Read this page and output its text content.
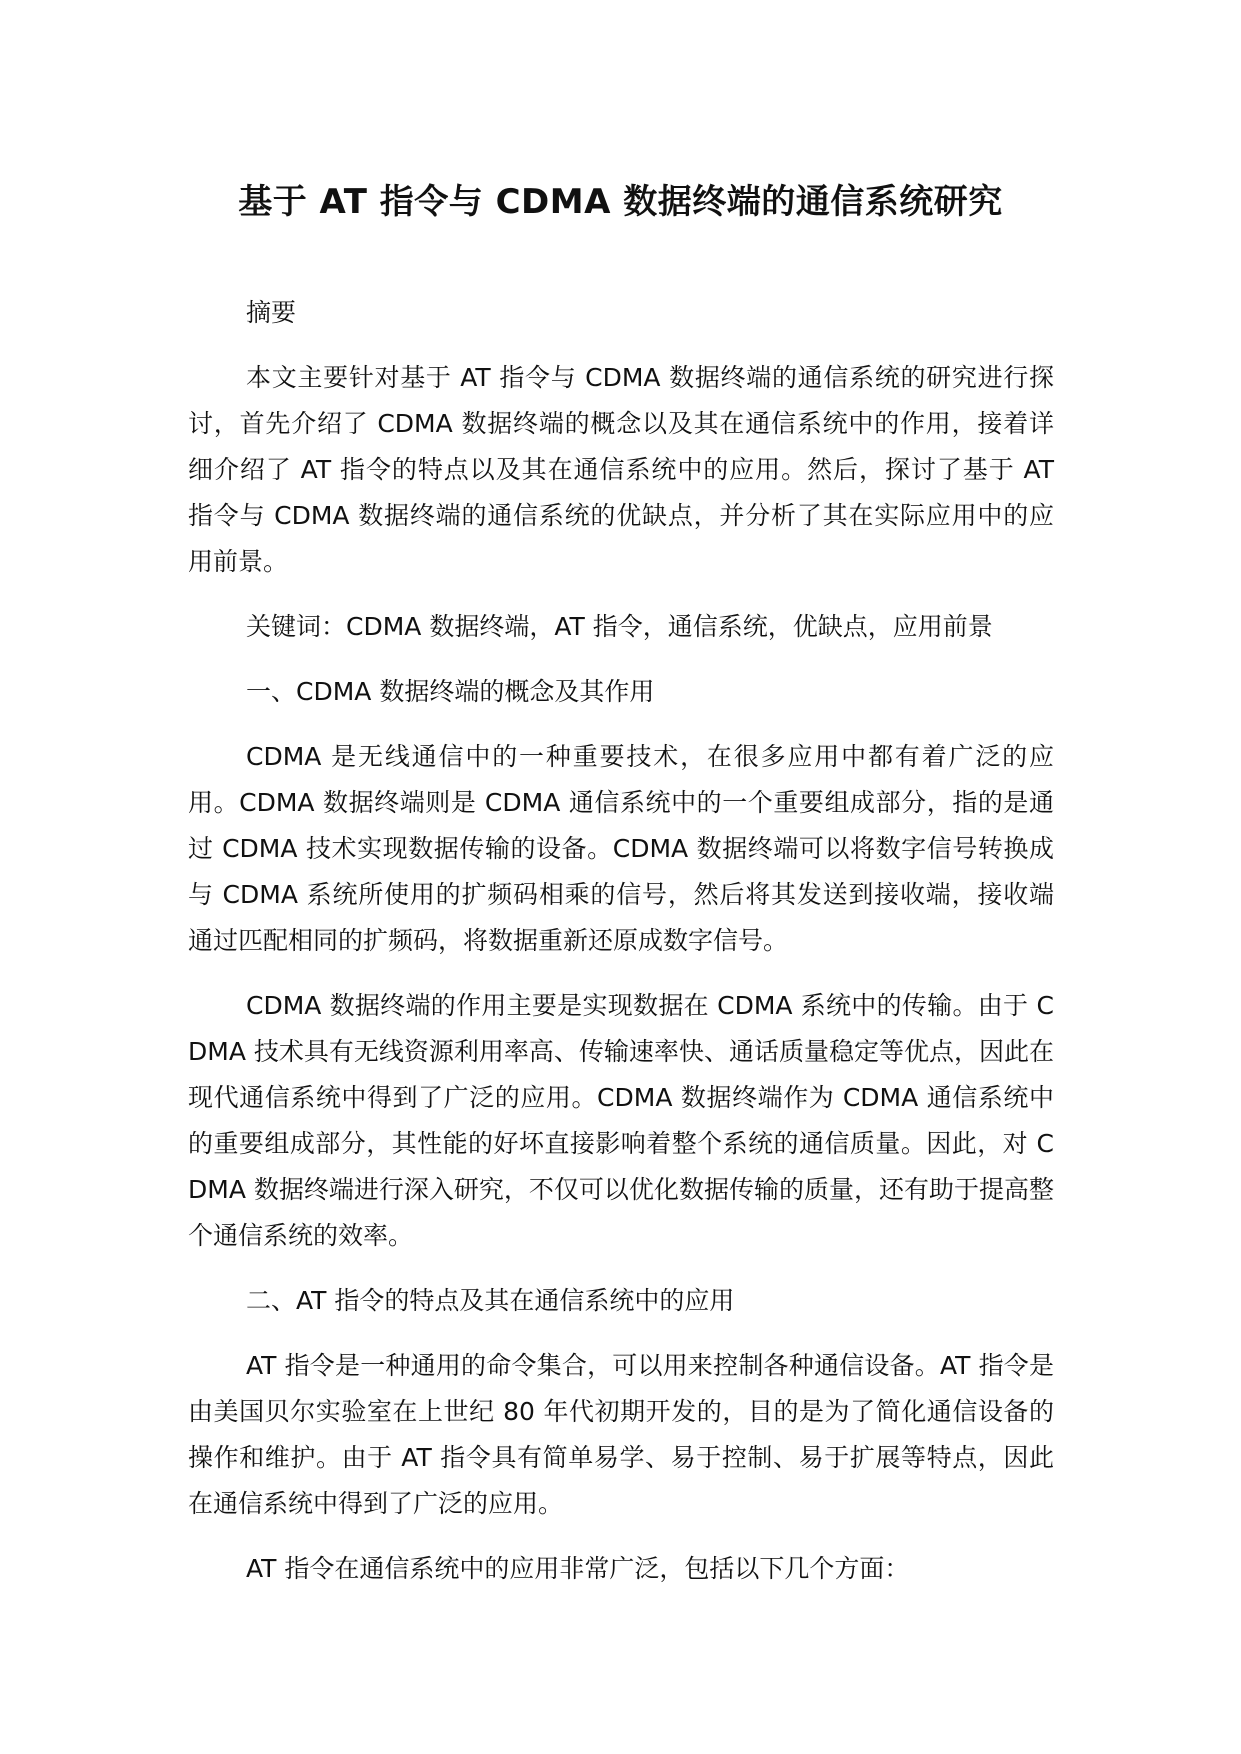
基于 AT 指令与 CDMA 数据终端的通信系统研究

摘要

本文主要针对基于 AT 指令与 CDMA 数据终端的通信系统的研究进行探讨，首先介绍了 CDMA 数据终端的概念以及其在通信系统中的作用，接着详细介绍了 AT 指令的特点以及其在通信系统中的应用。然后，探讨了基于 AT 指令与 CDMA 数据终端的通信系统的优缺点，并分析了其在实际应用中的应用前景。

关键词：CDMA 数据终端，AT 指令，通信系统，优缺点，应用前景

一、CDMA 数据终端的概念及其作用

CDMA 是无线通信中的一种重要技术，在很多应用中都有着广泛的应用。CDMA 数据终端则是 CDMA 通信系统中的一个重要组成部分，指的是通过 CDMA 技术实现数据传输的设备。CDMA 数据终端可以将数字信号转换成与 CDMA 系统所使用的扩频码相乘的信号，然后将其发送到接收端，接收端通过匹配相同的扩频码，将数据重新还原成数字信号。

CDMA 数据终端的作用主要是实现数据在 CDMA 系统中的传输。由于 CDMA 技术具有无线资源利用率高、传输速率快、通话质量稳定等优点，因此在现代通信系统中得到了广泛的应用。CDMA 数据终端作为 CDMA 通信系统中的重要组成部分，其性能的好坏直接影响着整个系统的通信质量。因此，对 CDMA 数据终端进行深入研究，不仅可以优化数据传输的质量，还有助于提高整个通信系统的效率。

二、AT 指令的特点及其在通信系统中的应用

AT 指令是一种通用的命令集合，可以用来控制各种通信设备。AT 指令是由美国贝尔实验室在上世纪 80 年代初期开发的，目的是为了简化通信设备的操作和维护。由于 AT 指令具有简单易学、易于控制、易于扩展等特点，因此在通信系统中得到了广泛的应用。

AT 指令在通信系统中的应用非常广泛，包括以下几个方面：
